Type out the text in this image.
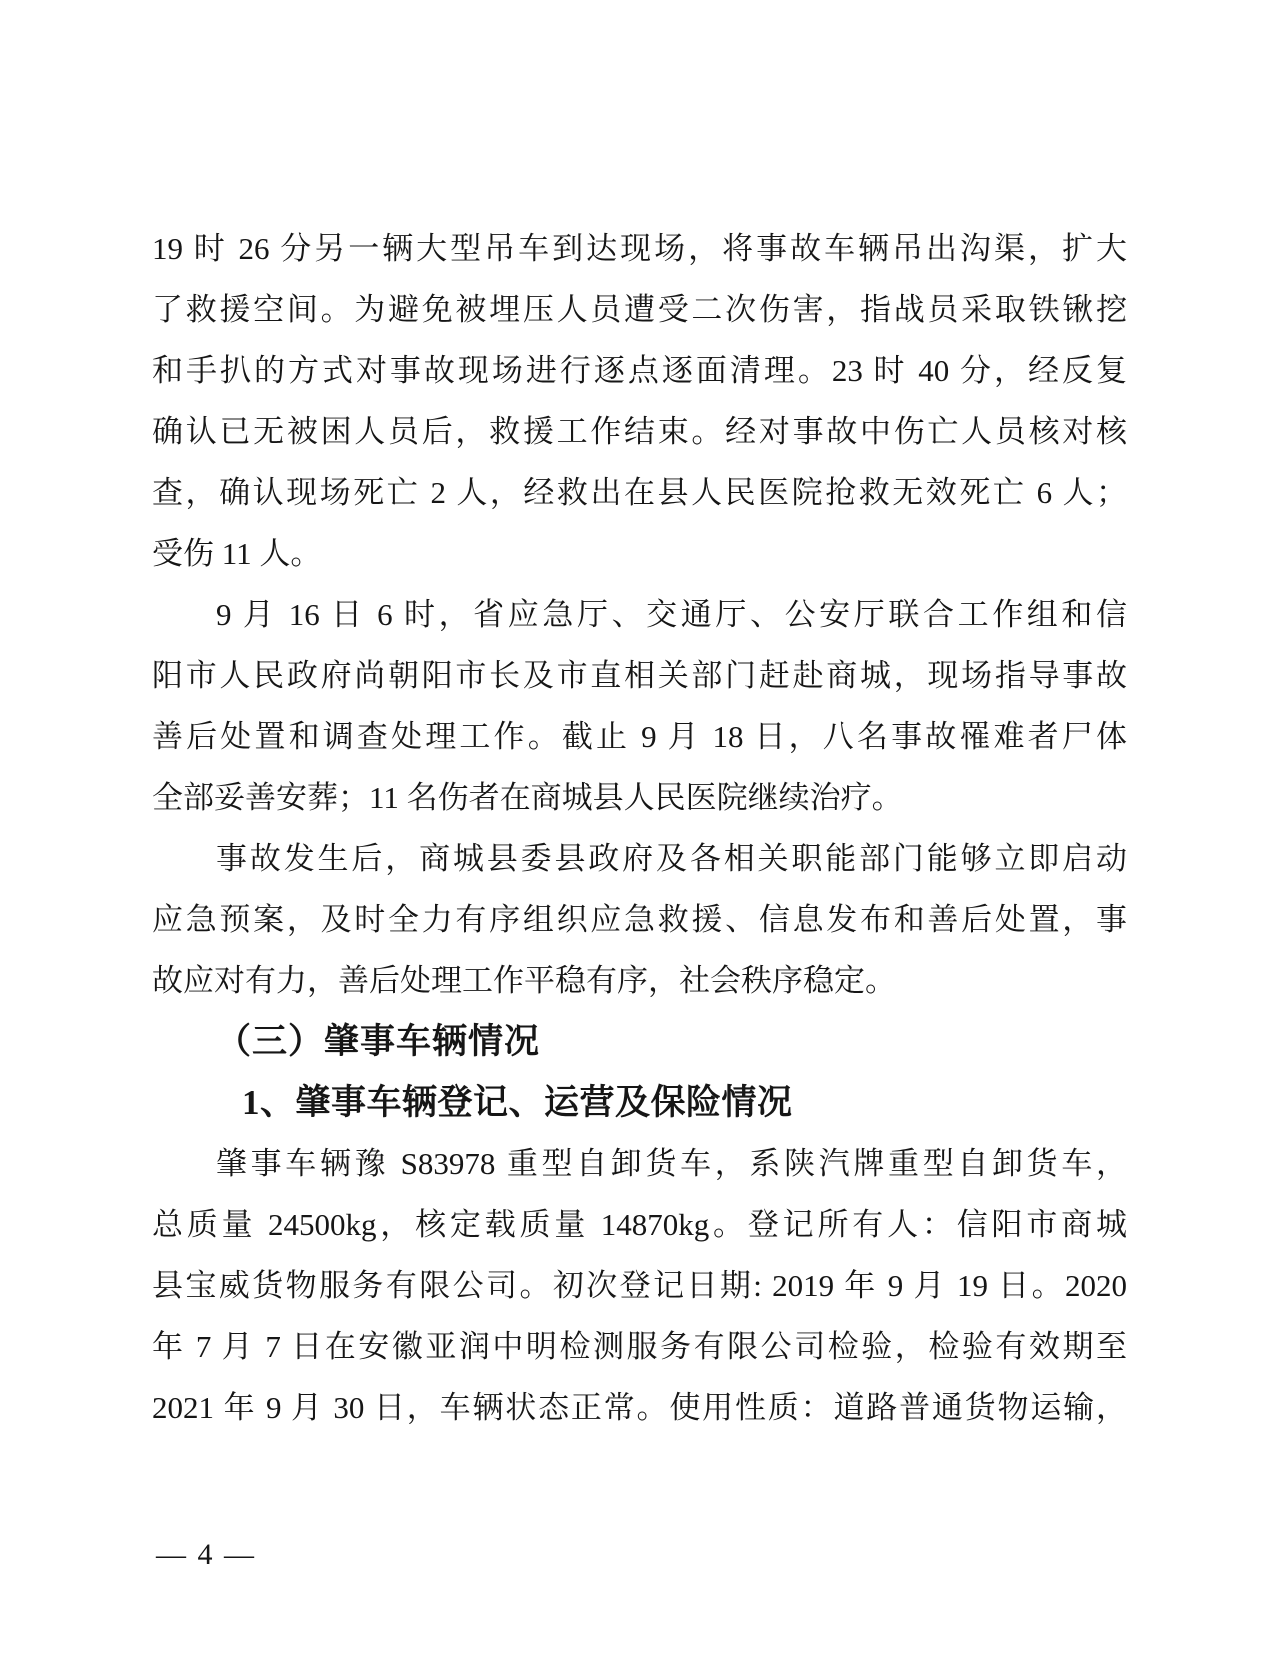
19 时 26 分另一辆大型吊车到达现场，将事故车辆吊出沟渠，扩大
了救援空间。为避免被埋压人员遭受二次伤害，指战员采取铁锹挖
和手扒的方式对事故现场进行逐点逐面清理。23 时 40 分，经反复
确认已无被困人员后，救援工作结束。经对事故中伤亡人员核对核
查，确认现场死亡 2 人，经救出在县人民医院抢救无效死亡 6 人；
受伤 11 人。
9 月 16 日 6 时，省应急厅、交通厅、公安厅联合工作组和信
阳市人民政府尚朝阳市长及市直相关部门赶赴商城，现场指导事故
善后处置和调查处理工作。截止 9 月 18 日，八名事故罹难者尸体
全部妥善安葬；11 名伤者在商城县人民医院继续治疗。
事故发生后，商城县委县政府及各相关职能部门能够立即启动
应急预案，及时全力有序组织应急救援、信息发布和善后处置，事
故应对有力，善后处理工作平稳有序，社会秩序稳定。
（三）肇事车辆情况
1、肇事车辆登记、运营及保险情况
肇事车辆豫 S83978 重型自卸货车，系陕汽牌重型自卸货车，
总质量 24500kg，核定载质量 14870kg。登记所有人：信阳市商城
县宝威货物服务有限公司。初次登记日期: 2019 年 9 月 19 日。2020
年 7 月 7 日在安徽亚润中明检测服务有限公司检验，检验有效期至
2021 年 9 月 30 日，车辆状态正常。使用性质：道路普通货物运输，
— 4 —
